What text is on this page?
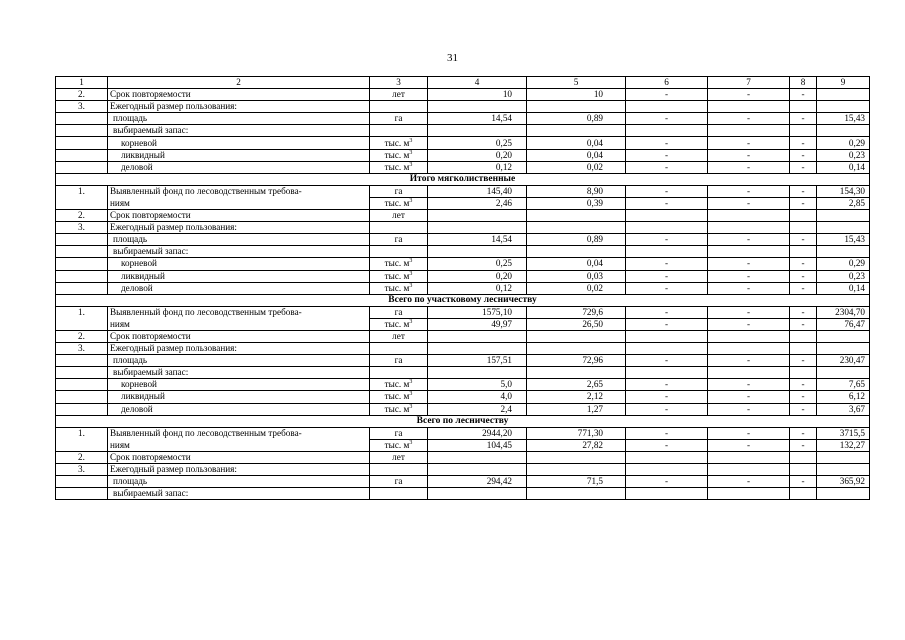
31
1	2	3	4	5	6	7	8	9
2.	Срок повторяемости	лет	10	10	-	-	-	
3.	Ежегодный размер пользования:							
	площадь	га	14,54	0,89	-	-	-	15,43
	выбираемый запас:							
	корневой	тыс. $м^3$	0,25	0,04	-	-	-	0,29
	ликвидный	тыс. $м^3$	0,20	0,04	-	-	-	0,23
	деловой	тыс. $м^3$	0,12	0,02	-	-	-	0,14
Итого мягколиственные								
1.	Выявленный фонд по лесоводственным требова-	га	145,40	8,90	-	-	-	154,30
	ниям	тыс. $м^3$	2,46	0,39	-	-	-	2,85
2.	Срок повторяемости	лет						
3.	Ежегодный размер пользования:							
	площадь	га	14,54	0,89	-	-	-	15,43
	выбираемый запас:							
	корневой	тыс. $м^3$	0,25	0,04	-	-	-	0,29
	ликвидный	тыс. $м^3$	0,20	0,03	-	-	-	0,23
	деловой	тыс. $м^3$	0,12	0,02	-	-	-	0,14
Всего по участковому лесничеству								
1.	Выявленный фонд по лесоводственным требова-	га	1575,10	729,6	-	-	-	2304,70
	ниям	тыс. $м^3$	49,97	26,50	-	-	-	76,47
2.	Срок повторяемости	лет						
3.	Ежегодный размер пользования:							
	площадь	га	157,51	72,96	-	-	-	230,47
	выбираемый запас:							
	корневой	тыс. $м^3$	5,0	2,65	-	-	-	7,65
	ликвидный	тыс. $м^3$	4,0	2,12	-	-	-	6,12
	деловой	тыс. $м^3$	2,4	1,27	-	-	-	3,67
Всего по лесничеству								
1.	Выявленный фонд по лесоводственным требова-	га	2944,20	771,30	-	-	-	3715,5
	ниям	тыс. $м^3$	104,45	27,82	-	-	-	132,27
2.	Срок повторяемости	лет						
3.	Ежегодный размер пользования:							
	площадь	га	294,42	71,5	-	-	-	365,92
	выбираемый запас:							
